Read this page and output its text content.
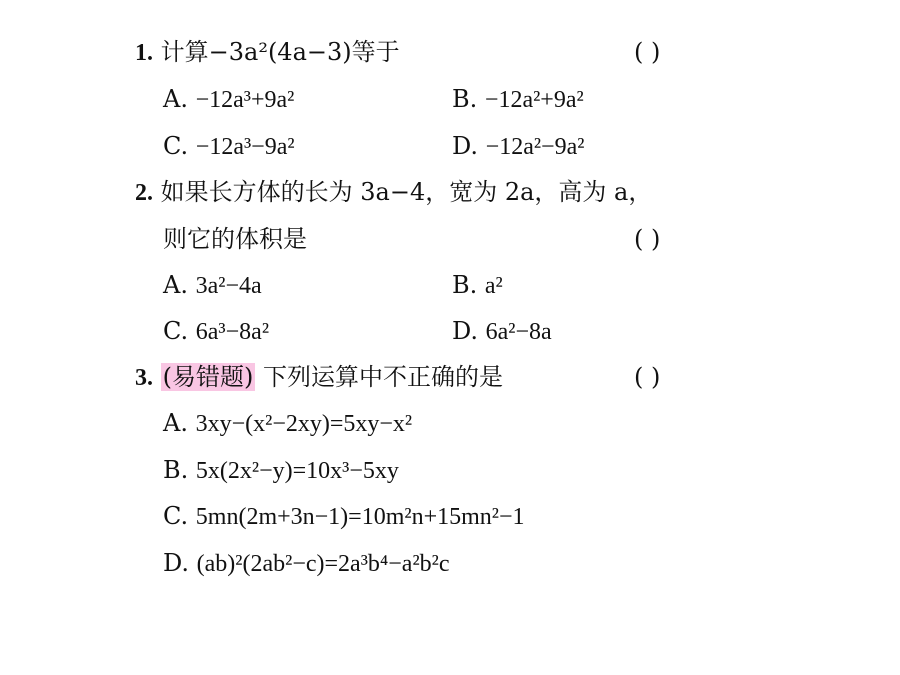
1. 计算−3a²(4a−3)等于	( )
A. −12a³+9a²	B. −12a²+9a²
C. −12a³−9a²	D. −12a²−9a²
2. 如果长方体的长为 3a−4，宽为 2a，高为 a，
则它的体积是	( )
A. 3a²−4a	B. a²
C. 6a³−8a²	D. 6a²−8a
3. (易错题) 下列运算中不正确的是	( )
A. 3xy−(x²−2xy)=5xy−x²
B. 5x(2x²−y)=10x³−5xy
C. 5mn(2m+3n−1)=10m²n+15mn²−1
D. (ab)²(2ab²−c)=2a³b⁴−a²b²c
